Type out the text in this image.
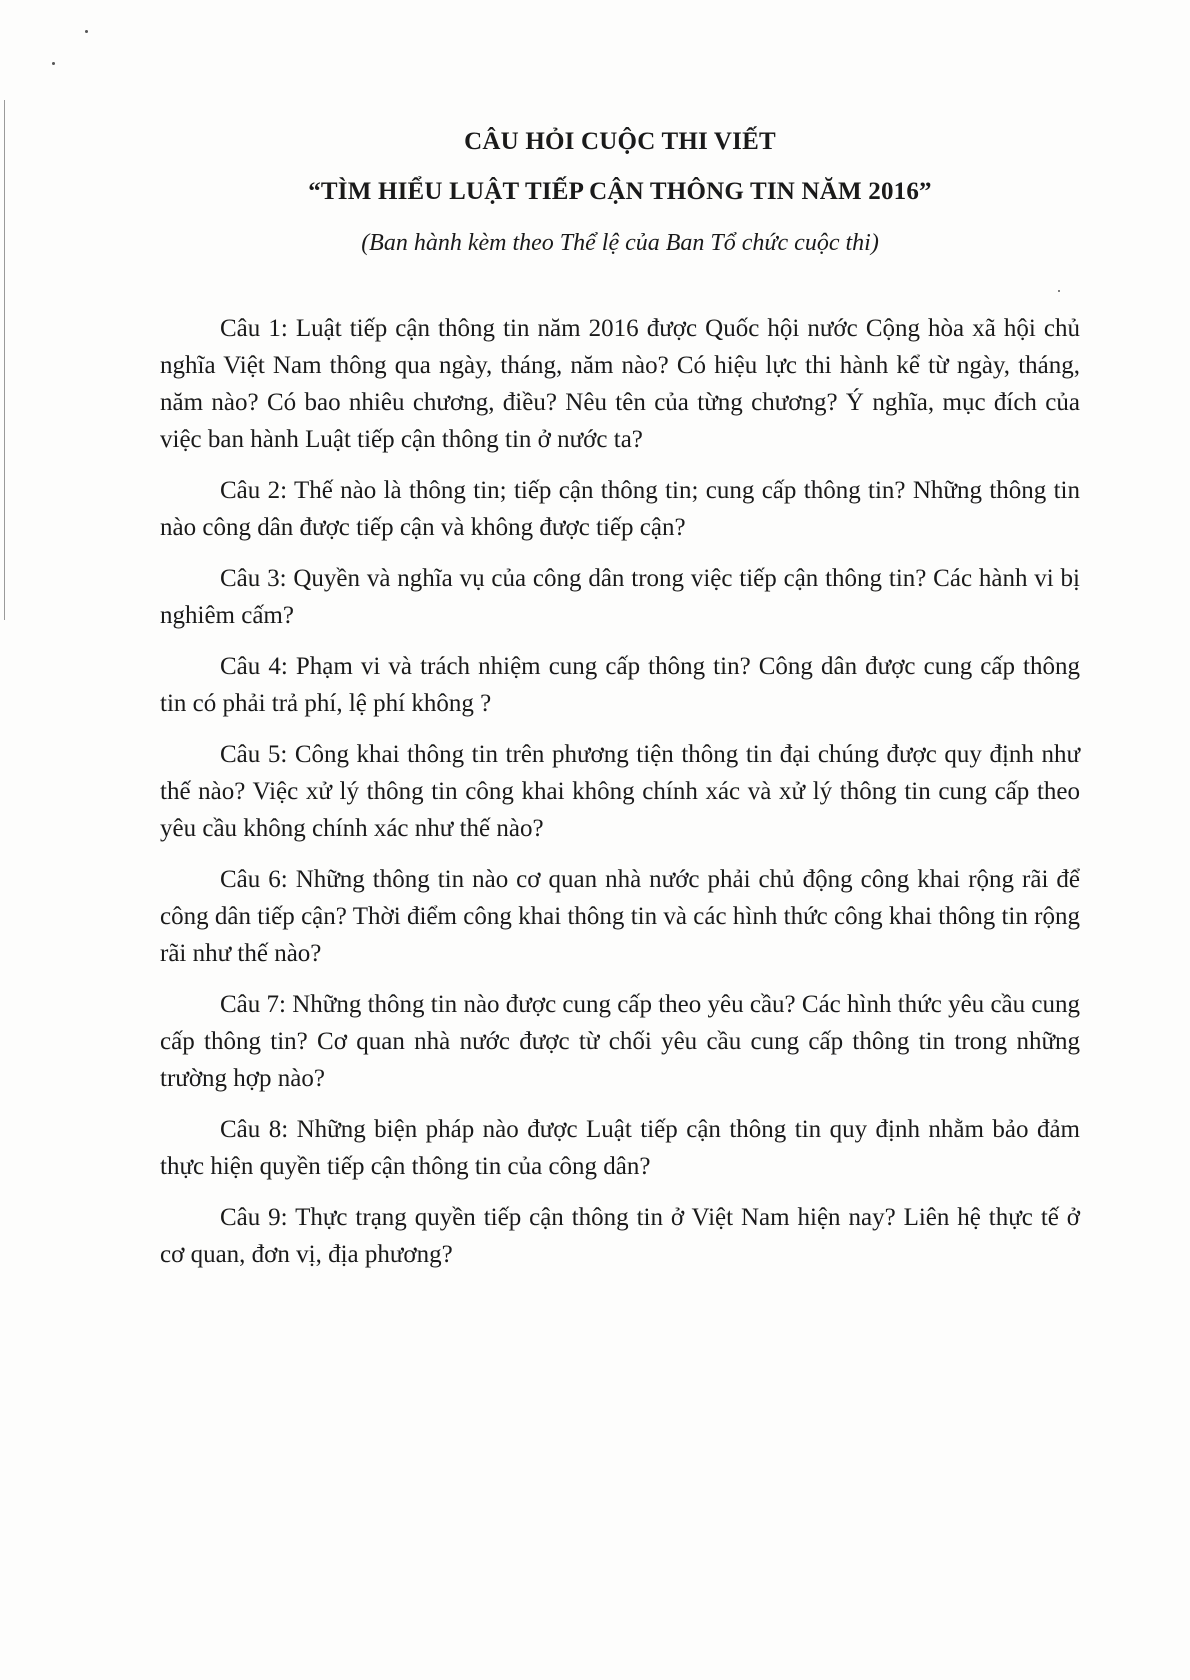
CÂU HỎI CUỘC THI VIẾT
“TÌM HIỂU LUẬT TIẾP CẬN THÔNG TIN NĂM 2016”
(Ban hành kèm theo Thể lệ của Ban Tổ chức cuộc thi)

Câu 1: Luật tiếp cận thông tin năm 2016 được Quốc hội nước Cộng hòa xã hội chủ nghĩa Việt Nam thông qua ngày, tháng, năm nào? Có hiệu lực thi hành kể từ ngày, tháng, năm nào? Có bao nhiêu chương, điều? Nêu tên của từng chương? Ý nghĩa, mục đích của việc ban hành Luật tiếp cận thông tin ở nước ta?

Câu 2: Thế nào là thông tin; tiếp cận thông tin; cung cấp thông tin? Những thông tin nào công dân được tiếp cận và không được tiếp cận?

Câu 3: Quyền và nghĩa vụ của công dân trong việc tiếp cận thông tin? Các hành vi bị nghiêm cấm?

Câu 4: Phạm vi và trách nhiệm cung cấp thông tin? Công dân được cung cấp thông tin có phải trả phí, lệ phí không ?

Câu 5: Công khai thông tin trên phương tiện thông tin đại chúng được quy định như thế nào? Việc xử lý thông tin công khai không chính xác và xử lý thông tin cung cấp theo yêu cầu không chính xác như thế nào?

Câu 6: Những thông tin nào cơ quan nhà nước phải chủ động công khai rộng rãi để công dân tiếp cận? Thời điểm công khai thông tin và các hình thức công khai thông tin rộng rãi như thế nào?

Câu 7: Những thông tin nào được cung cấp theo yêu cầu? Các hình thức yêu cầu cung cấp thông tin? Cơ quan nhà nước được từ chối yêu cầu cung cấp thông tin trong những trường hợp nào?

Câu 8: Những biện pháp nào được Luật tiếp cận thông tin quy định nhằm bảo đảm thực hiện quyền tiếp cận thông tin của công dân?

Câu 9: Thực trạng quyền tiếp cận thông tin ở Việt Nam hiện nay? Liên hệ thực tế ở cơ quan, đơn vị, địa phương?
